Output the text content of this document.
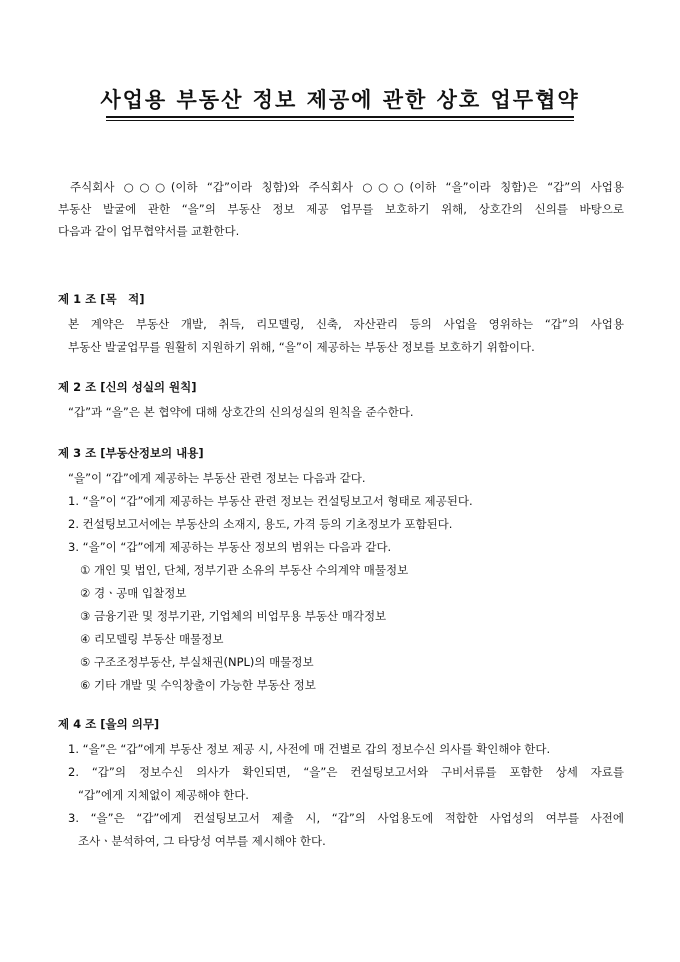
사업용 부동산 정보 제공에 관한 상호 업무협약
주식회사 ○○○(이하 “갑”이라 칭함)와 주식회사 ○○○(이하 “을”이라 칭함)은 “갑”의 사업용
부동산 발굴에 관한 “을”의 부동산 정보 제공 업무를 보호하기 위해, 상호간의 신의를 바탕으로
다음과 같이 업무협약서를 교환한다.
제 1 조 [목　적]
본 계약은 부동산 개발, 취득, 리모델링, 신축, 자산관리 등의 사업을 영위하는 “갑”의 사업용
부동산 발굴업무를 원활히 지원하기 위해, “을”이 제공하는 부동산 정보를 보호하기 위함이다.
제 2 조 [신의 성실의 원칙]
“갑”과 “을”은 본 협약에 대해 상호간의 신의성실의 원칙을 준수한다.
제 3 조 [부동산정보의 내용]
“을”이 “갑”에게 제공하는 부동산 관련 정보는 다음과 같다.
1. “을”이 “갑”에게 제공하는 부동산 관련 정보는 컨설팅보고서 형태로 제공된다.
2. 컨설팅보고서에는 부동산의 소재지, 용도, 가격 등의 기초정보가 포함된다.
3. “을”이 “갑”에게 제공하는 부동산 정보의 범위는 다음과 같다.
① 개인 및 법인, 단체, 정부기관 소유의 부동산 수의계약 매물정보
② 경ㆍ공매 입찰정보
③ 금융기관 및 정부기관, 기업체의 비업무용 부동산 매각정보
④ 리모델링 부동산 매물정보
⑤ 구조조정부동산, 부실채권(NPL)의 매물정보
⑥ 기타 개발 및 수익창출이 가능한 부동산 정보
제 4 조 [을의 의무]
1. “을”은 “갑”에게 부동산 정보 제공 시, 사전에 매 건별로 갑의 정보수신 의사를 확인해야 한다.
2. “갑”의 정보수신 의사가 확인되면, “을”은 컨설팅보고서와 구비서류를 포함한 상세 자료를
“갑”에게 지체없이 제공해야 한다.
3. “을”은 “갑”에게 컨설팅보고서 제출 시, “갑”의 사업용도에 적합한 사업성의 여부를 사전에
조사ㆍ분석하여, 그 타당성 여부를 제시해야 한다.
